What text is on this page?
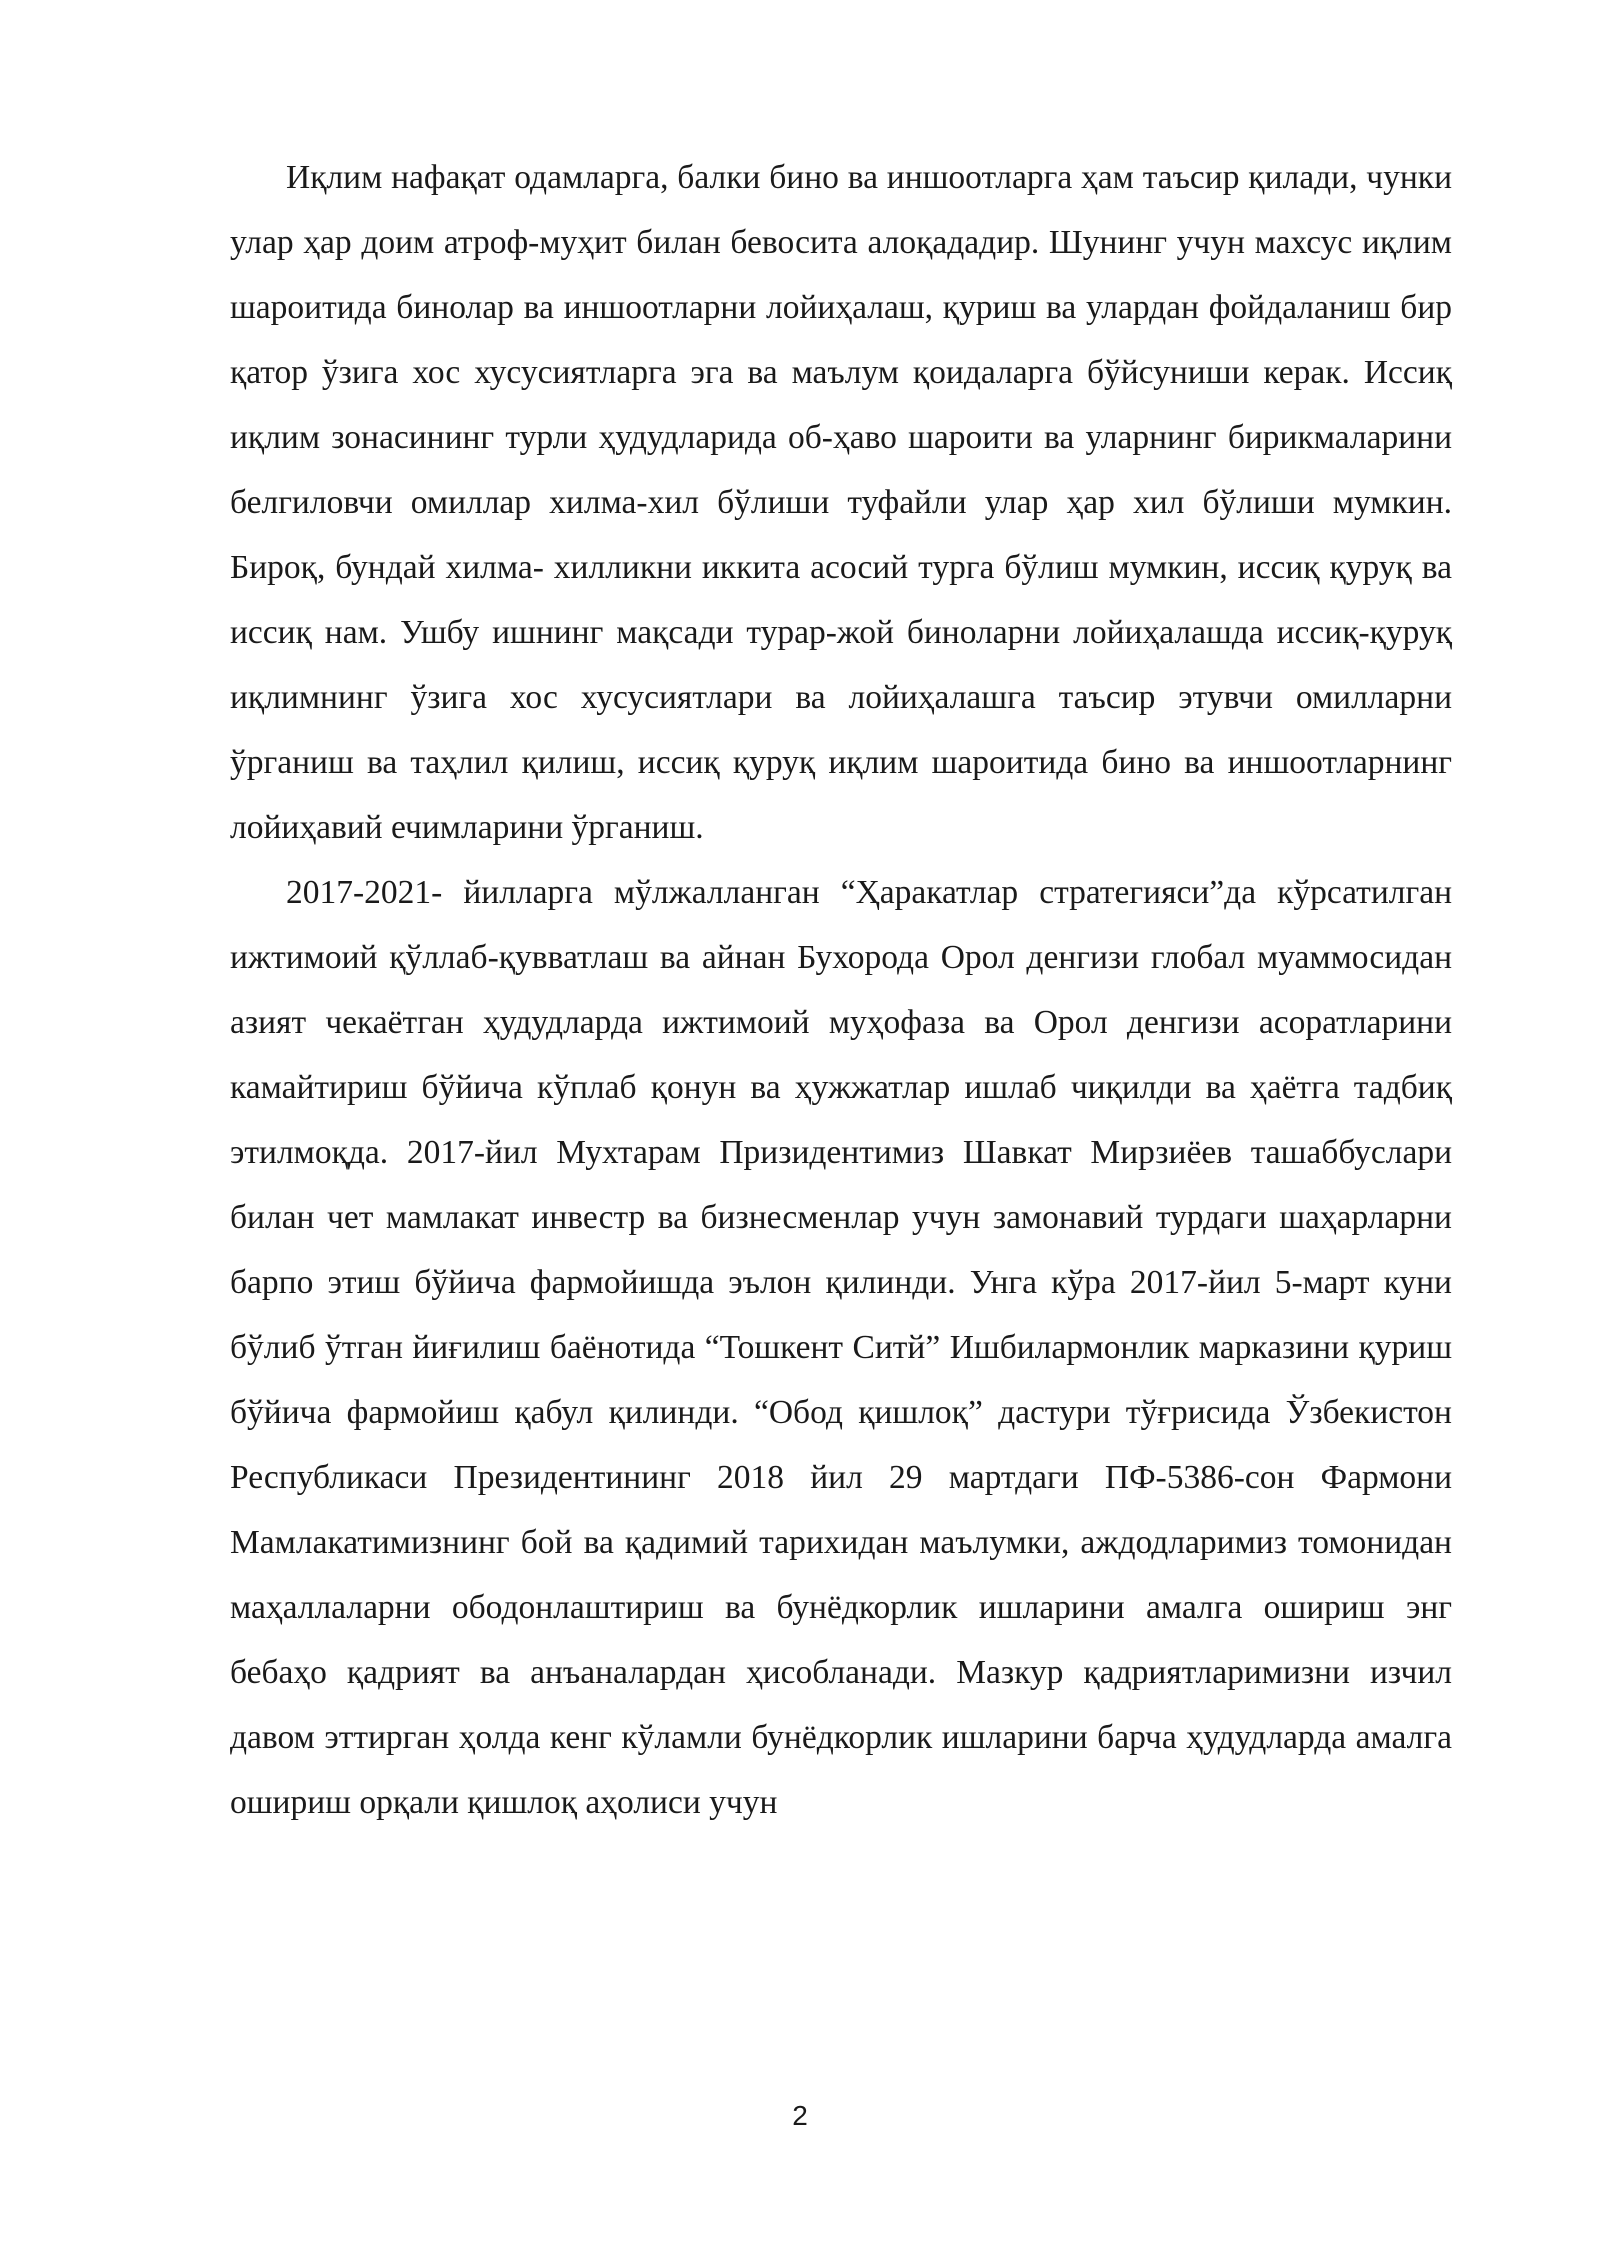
Иқлим нафақат одамларга, балки бино ва иншоотларга ҳам таъсир қилади, чунки улар ҳар доим атроф-муҳит билан бевосита алоқададир. Шунинг учун махсус иқлим шароитида бинолар ва иншоотларни лойиҳалаш, қуриш ва улардан фойдаланиш бир қатор ўзига хос хусусиятларга эга ва маълум қоидаларга бўйсуниши керак. Иссиқ иқлим зонасининг турли ҳудудларида об-ҳаво шароити ва уларнинг бирикмаларини белгиловчи омиллар хилма-хил бўлиши туфайли улар ҳар хил бўлиши мумкин. Бироқ, бундай хилма- хилликни иккита асосий турга бўлиш мумкин, иссиқ қуруқ ва иссиқ нам. Ушбу ишнинг мақсади турар-жой биноларни лойиҳалашда иссиқ-қуруқ иқлимнинг ўзига хос хусусиятлари ва лойиҳалашга таъсир этувчи омилларни ўрганиш ва таҳлил қилиш, иссиқ қуруқ иқлим шароитида бино ва иншоотларнинг лойиҳавий ечимларини ўрганиш.

2017-2021- йилларга мўлжалланган “Ҳаракатлар стратегияси”да кўрсатилган ижтимоий қўллаб-қувватлаш ва айнан Бухорода Орол денгизи глобал муаммосидан азият чекаётган ҳудудларда ижтимоий муҳофаза ва Орол денгизи асоратларини камайтириш бўйича кўплаб қонун ва ҳужжатлар ишлаб чиқилди ва ҳаётга тадбиқ этилмоқда. 2017-йил Мухтарам Призидентимиз Шавкат Мирзиёев ташаббуслари билан чет мамлакат инвестр ва бизнесменлар учун замонавий турдаги шаҳарларни барпо этиш бўйича фармойишда эълон қилинди. Унга кўра 2017-йил 5-март куни бўлиб ўтган йиғилиш баёнотида “Тошкент Ситй” Ишбилармонлик марказини қуриш бўйича фармойиш қабул қилинди. “Обод қишлоқ” дастури тўғрисида Ўзбекистон Республикаси Президентининг 2018 йил 29 мартдаги ПФ-5386-сон Фармони Мамлакатимизнинг бой ва қадимий тарихидан маълумки, аждодларимиз томонидан маҳаллаларни ободонлаштириш ва бунёдкорлик ишларини амалга ошириш энг бебаҳо қадрият ва анъаналардан ҳисобланади. Мазкур қадриятларимизни изчил давом эттирган ҳолда кенг кўламли бунёдкорлик ишларини барча ҳудудларда амалга ошириш орқали қишлоқ аҳолиси учун

2
